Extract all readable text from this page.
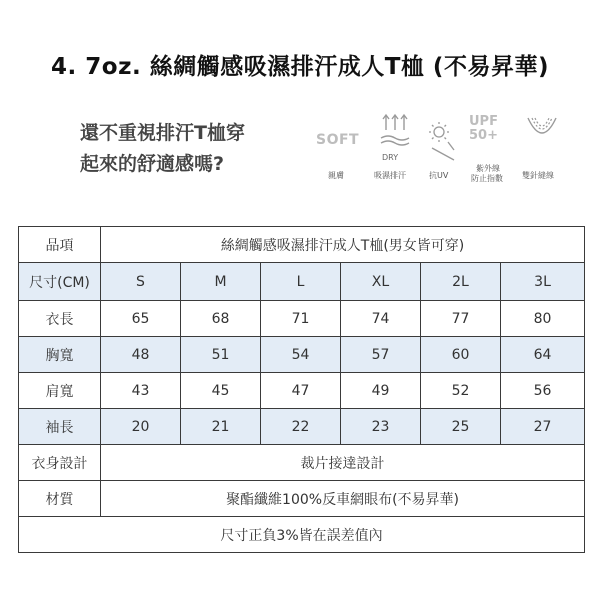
4. 7oz. 絲綢觸感吸濕排汗成人T桖 (不易昇華)
還不重視排汗T桖穿
起來的舒適感嗎?
SOFT
親膚
DRY
吸濕排汗	抗UV
UPF
50+
紫外線
防止指數 雙針縫線
品項	絲綢觸感吸濕排汗成人T桖(男女皆可穿)					
尺寸(CM)	S	M	L	XL	2L	3L
衣長	65	68	71	74	77	80
胸寬	48	51	54	57	60	64
肩寬	43	45	47	49	52	56
袖長	20	21	22	23	25	27
衣身設計	裁片接達設計					
材質	聚酯纖維100%反車網眼布(不易昇華)					
尺寸正負3%皆在誤差值內						
